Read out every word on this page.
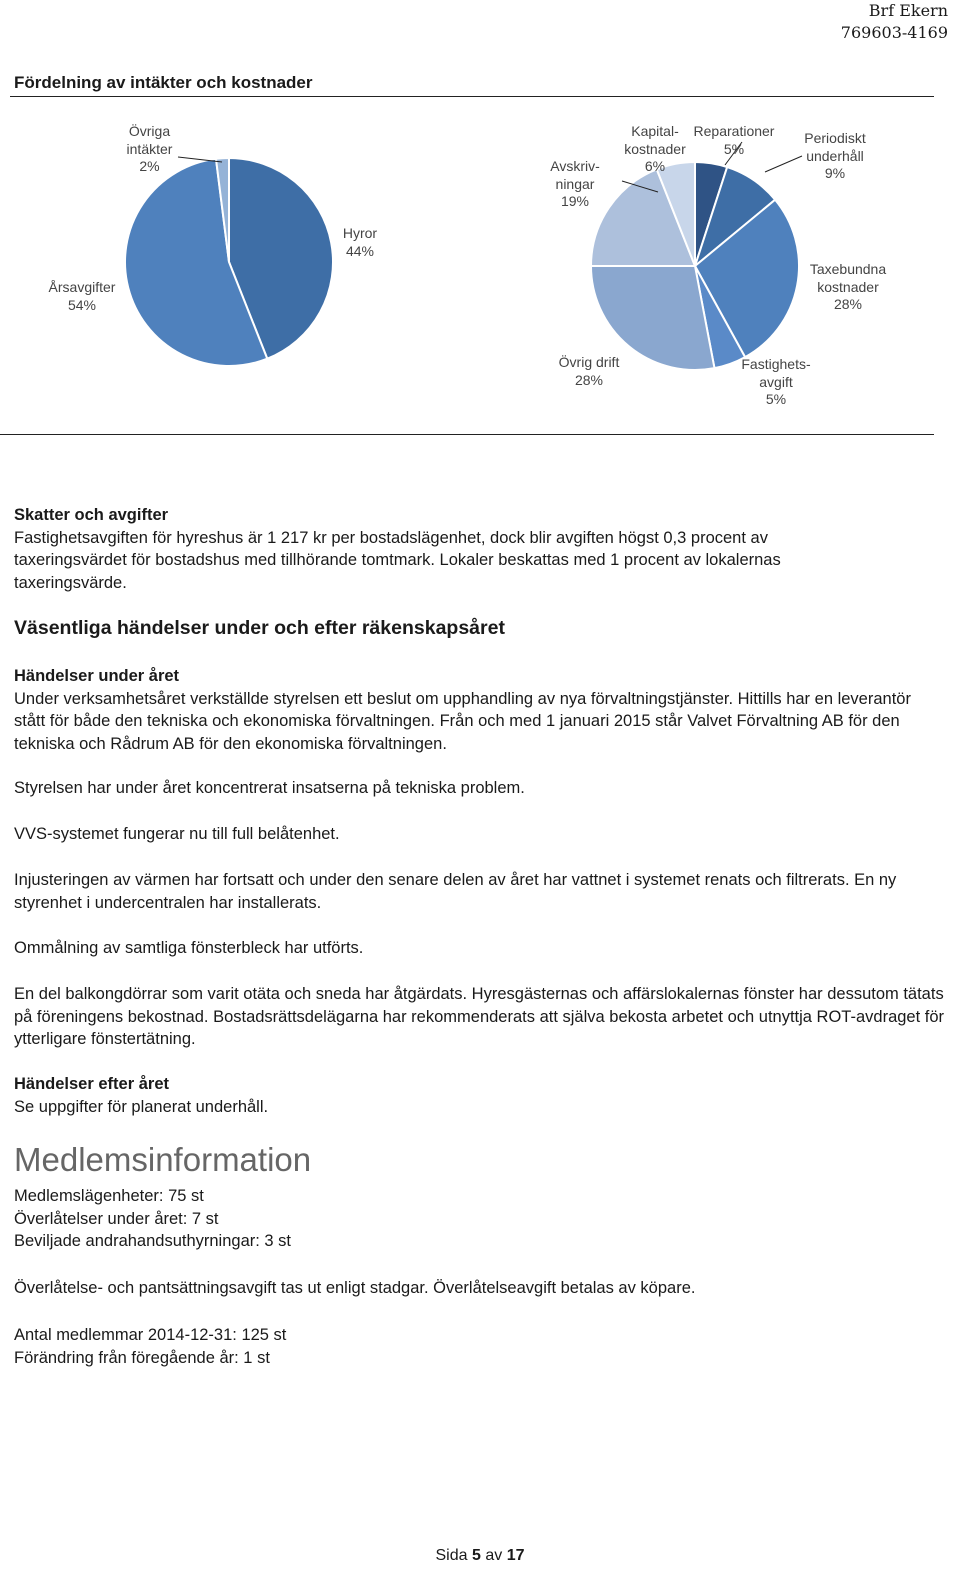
Brf Ekern
769603-4169
Fördelning av intäkter och kostnader
Övriga
intäkter
2%
Hyror
44%
Årsavgifter
54%
Avskriv-
ningar
19%
Kapital-
kostnader
6%
Reparationer
5%
Periodiskt
underhåll
9%
Taxebundna
kostnader
28%
Fastighets-
avgift
5%
Övrig drift
28%

Skatter och avgifter

Fastighetsavgiften för hyreshus är 1 217 kr per bostadslägenhet, dock blir avgiften högst 0,3 procent av taxeringsvärdet för bostadshus med tillhörande tomtmark. Lokaler beskattas med 1 procent av lokalernas taxeringsvärde.

Väsentliga händelser under och efter räkenskapsåret

Händelser under året

Under verksamhetsåret verkställde styrelsen ett beslut om upphandling av nya förvaltningstjänster. Hittills har en leverantör stått för både den tekniska och ekonomiska förvaltningen. Från och med 1 januari 2015 står Valvet Förvaltning AB för den tekniska och Rådrum AB för den ekonomiska förvaltningen.

Styrelsen har under året koncentrerat insatserna på tekniska problem.
VVS-systemet fungerar nu till full belåtenhet.
Injusteringen av värmen har fortsatt och under den senare delen av året har vattnet i systemet renats och filtrerats. En ny styrenhet i undercentralen har installerats.
Ommålning av samtliga fönsterbleck har utförts.
En del balkongdörrar som varit otäta och sneda har åtgärdats. Hyresgästernas och affärslokalernas fönster har dessutom tätats på föreningens bekostnad. Bostadsrättsdelägarna har rekommenderats att själva bekosta arbetet och utnyttja ROT-avdraget för ytterligare fönstertätning.

Händelser efter året

Se uppgifter för planerat underhåll.

Medlemsinformation

Medlemslägenheter: 75 st

Överlåtelser under året: 7 st

Beviljade andrahandsuthyrningar: 3 st

Överlåtelse- och pantsättningsavgift tas ut enligt stadgar. Överlåtelseavgift betalas av köpare.

Antal medlemmar 2014-12-31: 125 st

Förändring från föregående år: 1 st

Sida 5 av 17
